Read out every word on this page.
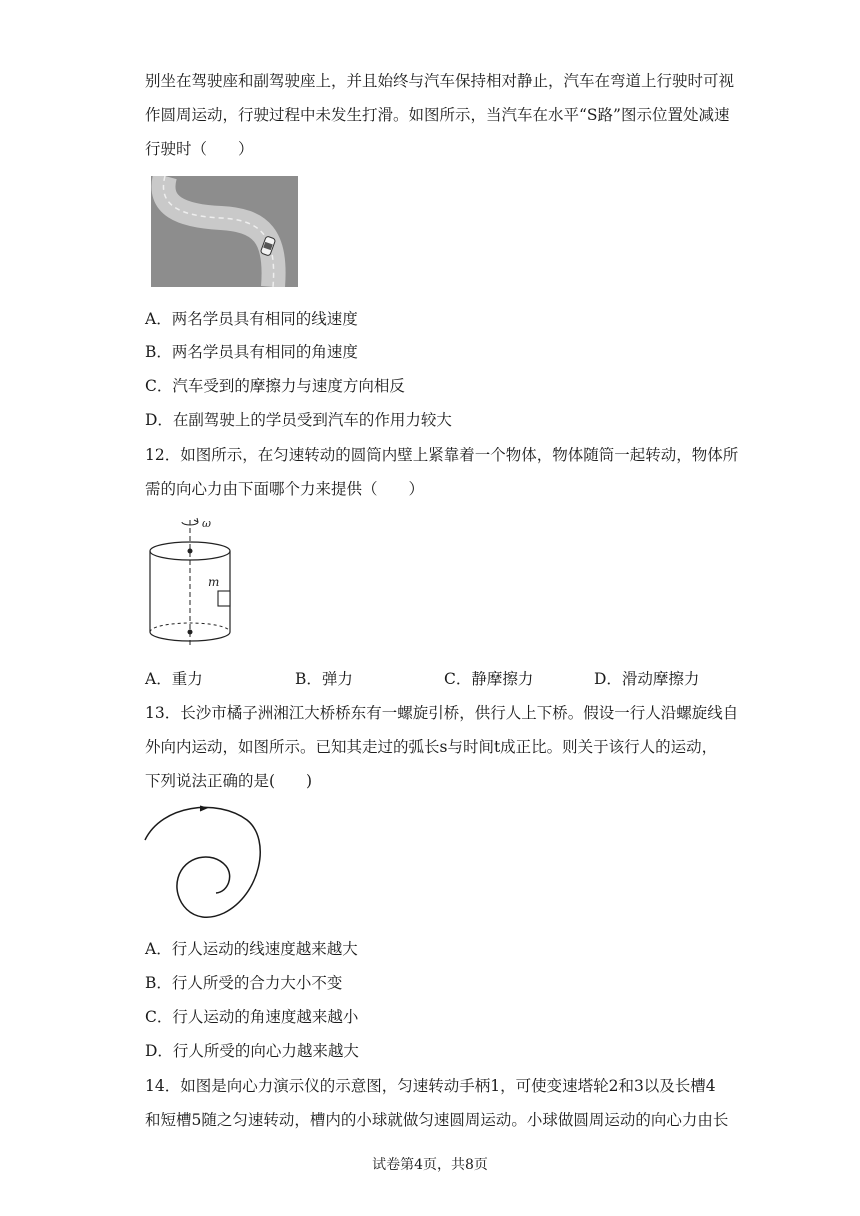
别坐在驾驶座和副驾驶座上，并且始终与汽车保持相对静止，汽车在弯道上行驶时可视
作圆周运动，行驶过程中未发生打滑。如图所示，当汽车在水平“S路”图示位置处减速
行驶时（　　）
A．两名学员具有相同的线速度
B．两名学员具有相同的角速度
C．汽车受到的摩擦力与速度方向相反
D．在副驾驶上的学员受到汽车的作用力较大
12．如图所示，在匀速转动的圆筒内壁上紧靠着一个物体，物体随筒一起转动，物体所
需的向心力由下面哪个力来提供（　　）
ω
m
A．重力	B．弹力	C．静摩擦力	D．滑动摩擦力
13．长沙市橘子洲湘江大桥桥东有一螺旋引桥，供行人上下桥。假设一行人沿螺旋线自
外向内运动，如图所示。已知其走过的弧长s与时间t成正比。则关于该行人的运动，
下列说法正确的是(　　)
A．行人运动的线速度越来越大
B．行人所受的合力大小不变
C．行人运动的角速度越来越小
D．行人所受的向心力越来越大
14．如图是向心力演示仪的示意图，匀速转动手柄1，可使变速塔轮2和3以及长槽4
和短槽5随之匀速转动，槽内的小球就做匀速圆周运动。小球做圆周运动的向心力由长
试卷第4页，共8页
